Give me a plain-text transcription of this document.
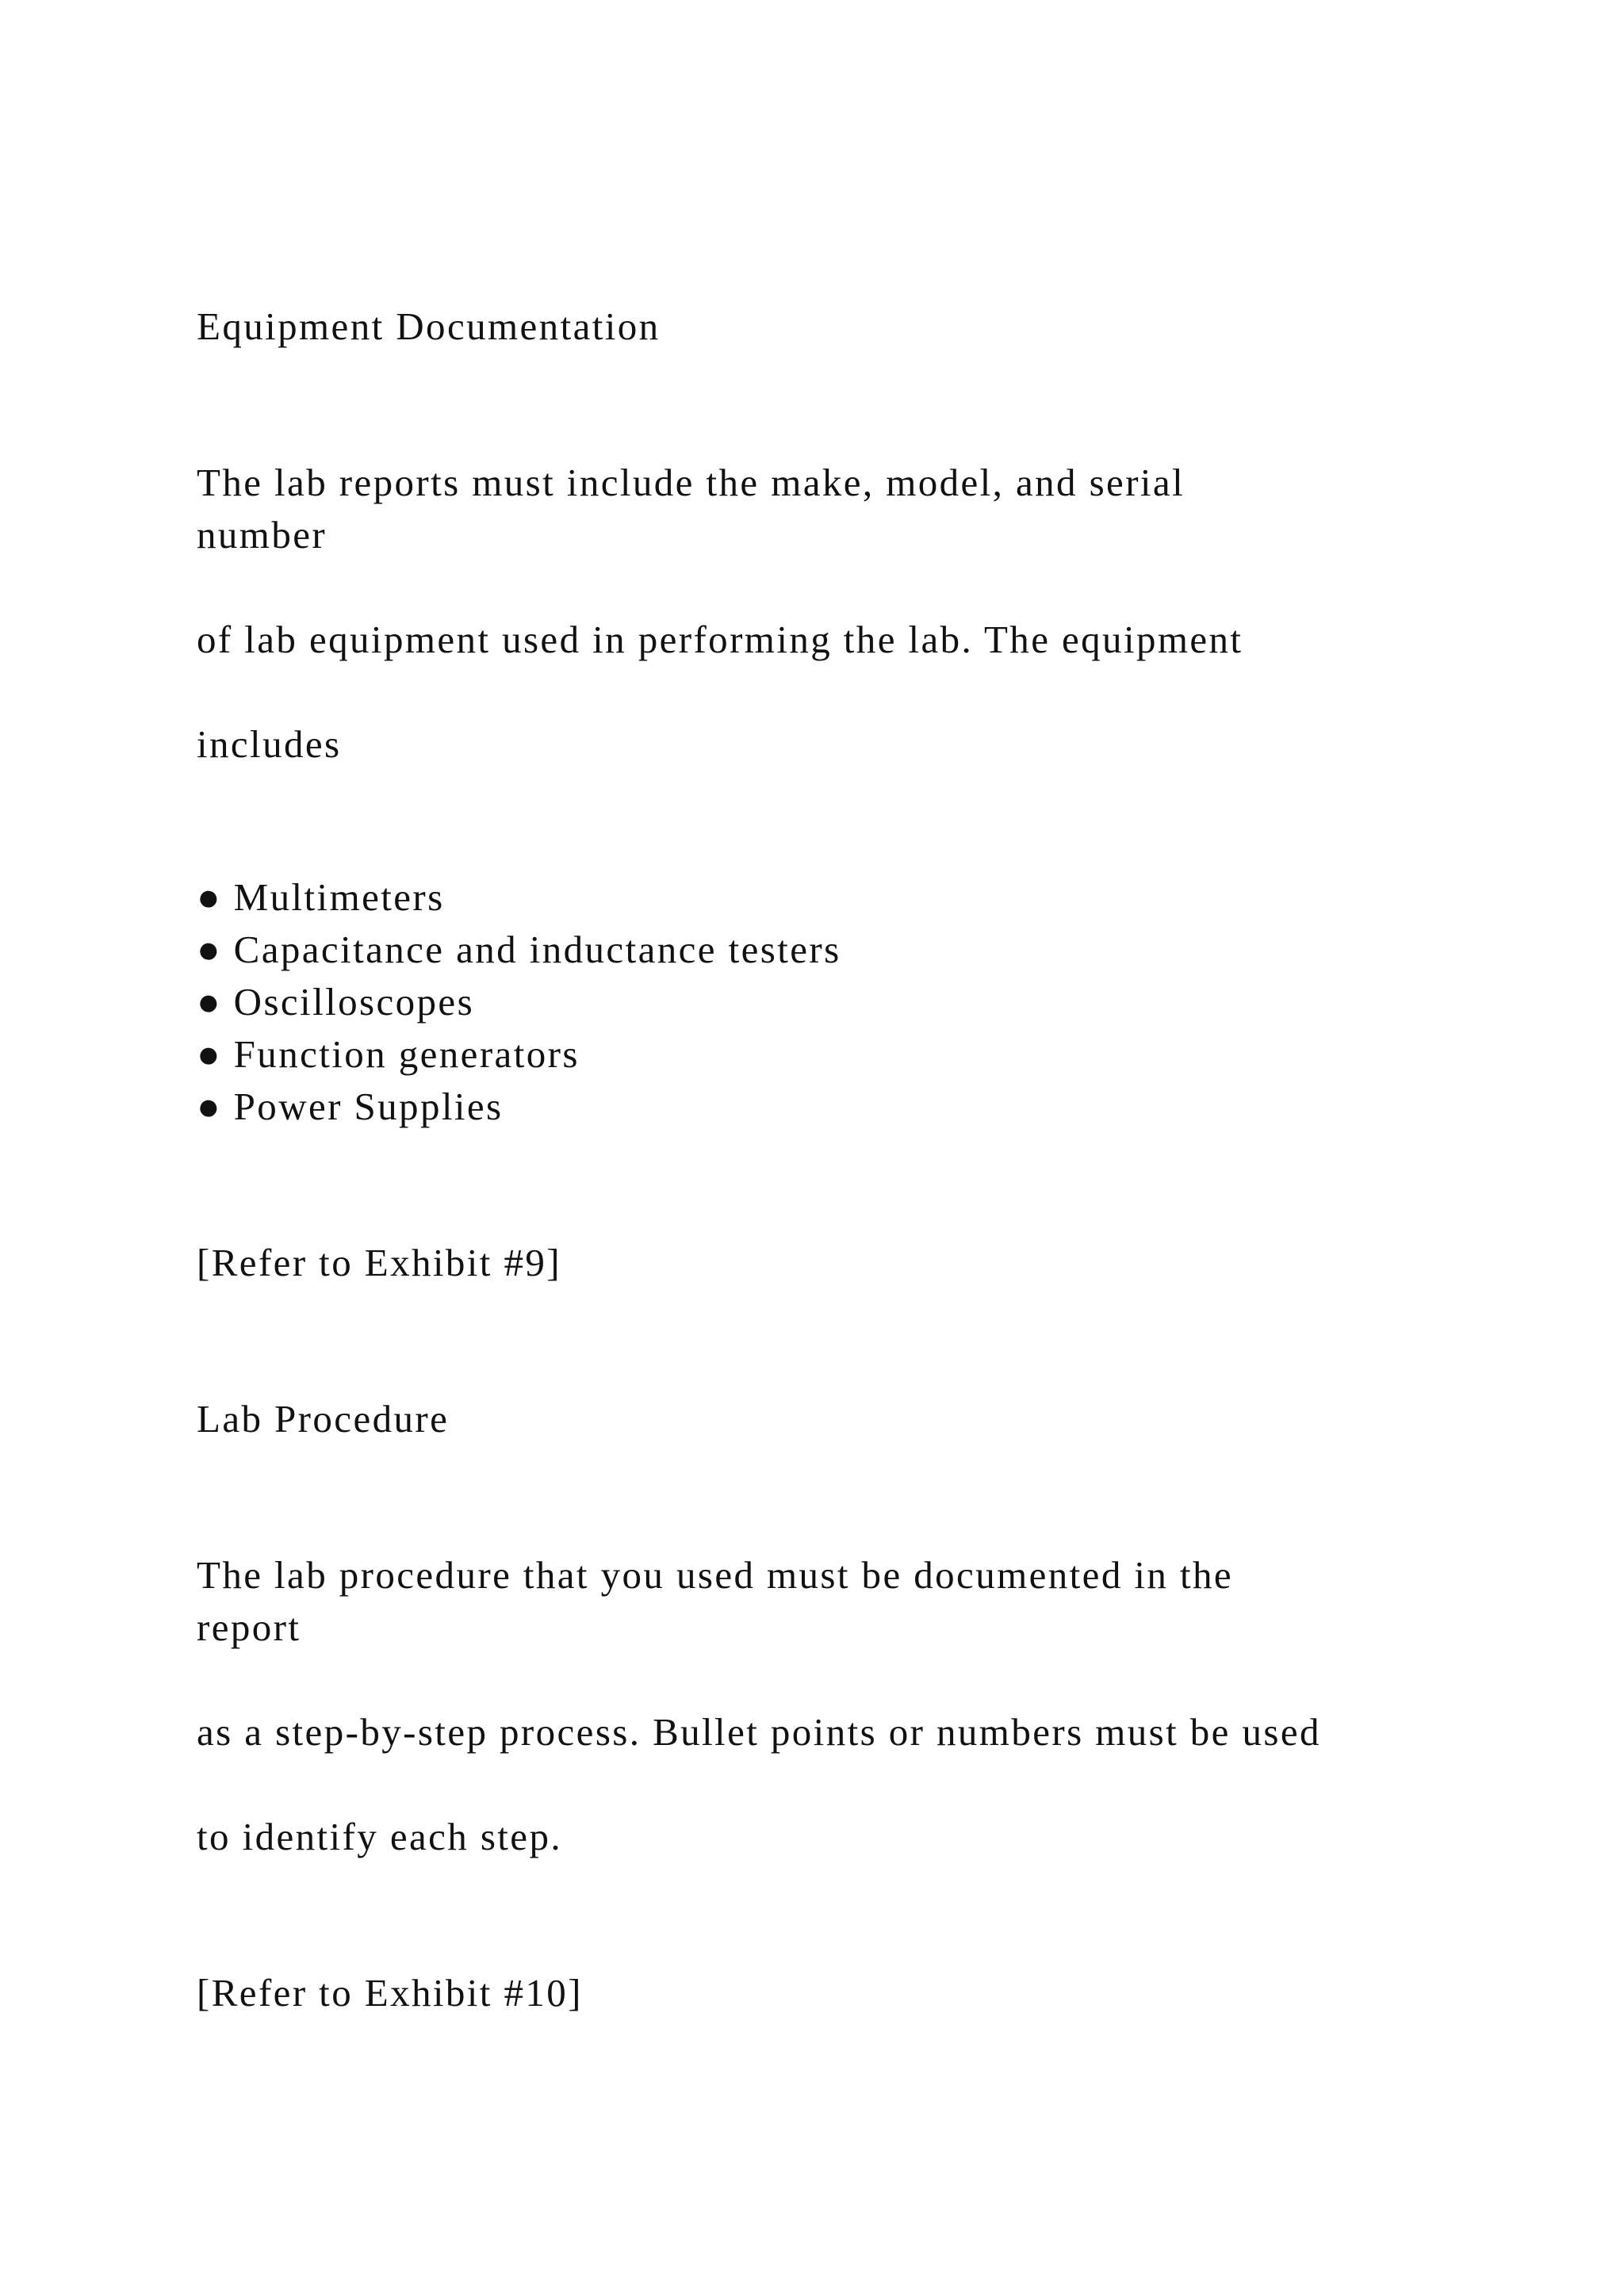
Equipment Documentation

The lab reports must include the make, model, and serial

number

of lab equipment used in performing the lab. The equipment

includes

● Multimeters
● Capacitance and inductance testers
● Oscilloscopes
● Function generators
● Power Supplies

[Refer to Exhibit #9]

Lab Procedure

The lab procedure that you used must be documented in the

report

as a step-by-step process. Bullet points or numbers must be used

to identify each step.

[Refer to Exhibit #10]
